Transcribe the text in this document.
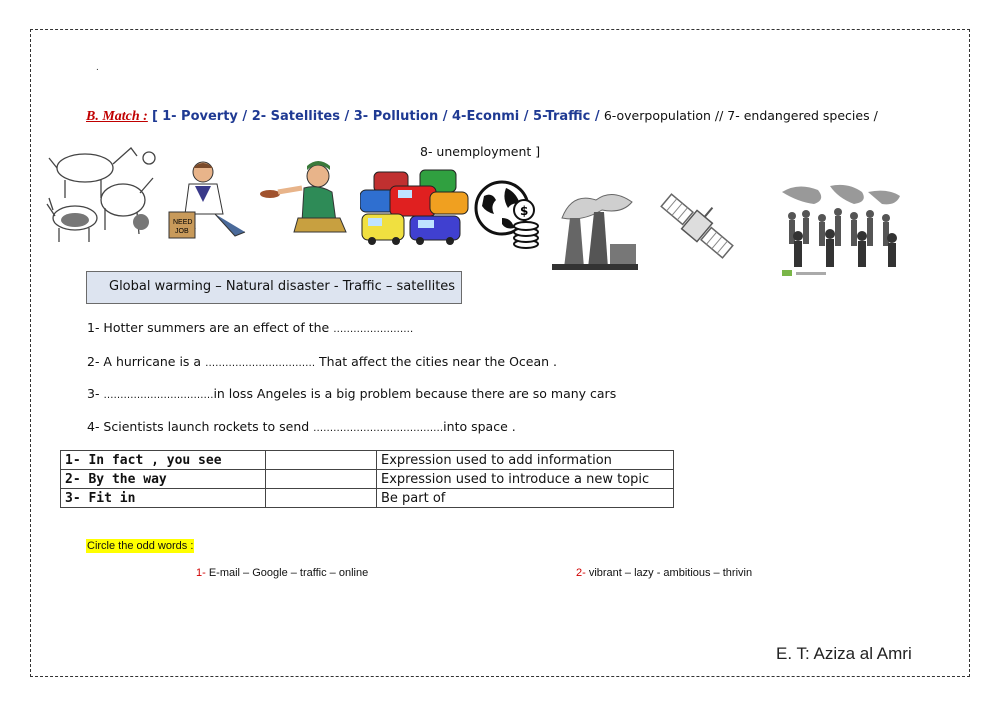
.
B. Match : [ 1- Poverty / 2- Satellites / 3- Pollution / 4-Econmi / 5-Traffic / 6-overpopulation // 7- endangered species /
8- unemployment ]
NEED
JOB
$
Global warming – Natural disaster - Traffic – satellites
1- Hotter summers are an effect of the ……………………
2- A hurricane is a …………………………… That affect the cities near the Ocean .
3- ……………………………in loss Angeles is a big problem because there are so many cars
4- Scientists launch rockets to send …………………………………into space .
1- In fact , you see		Expression used to add information
2- By the way		Expression used to introduce a new topic
3- Fit in		Be part of
Circle the odd words :
1- E-mail – Google – traffic – online	2- vibrant – lazy - ambitious – thrivin
E. T: Aziza al Amri
